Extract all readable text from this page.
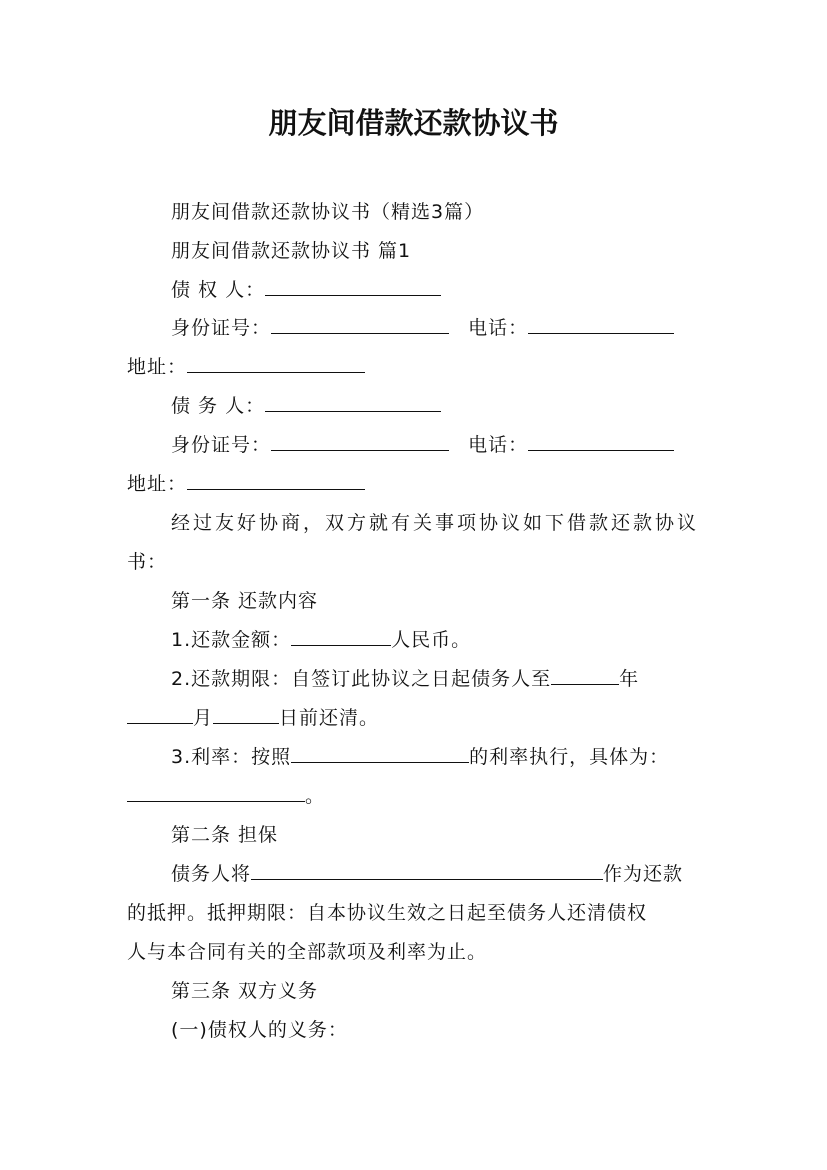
朋友间借款还款协议书
朋友间借款还款协议书（精选3篇）
朋友间借款还款协议书 篇1
债 权 人：
身份证号：	电话：
地址：
债 务 人：
身份证号：	电话：
地址：
经过友好协商，双方就有关事项协议如下借款还款协议
书：
第一条 还款内容
1.还款金额：	人民币。
2.还款期限：自签订此协议之日起债务人至	年
月	日前还清。
3.利率：按照	的利率执行，具体为：
。
第二条 担保
债务人将	作为还款
的抵押。抵押期限：自本协议生效之日起至债务人还清债权
人与本合同有关的全部款项及利率为止。
第三条 双方义务
(一)债权人的义务：
